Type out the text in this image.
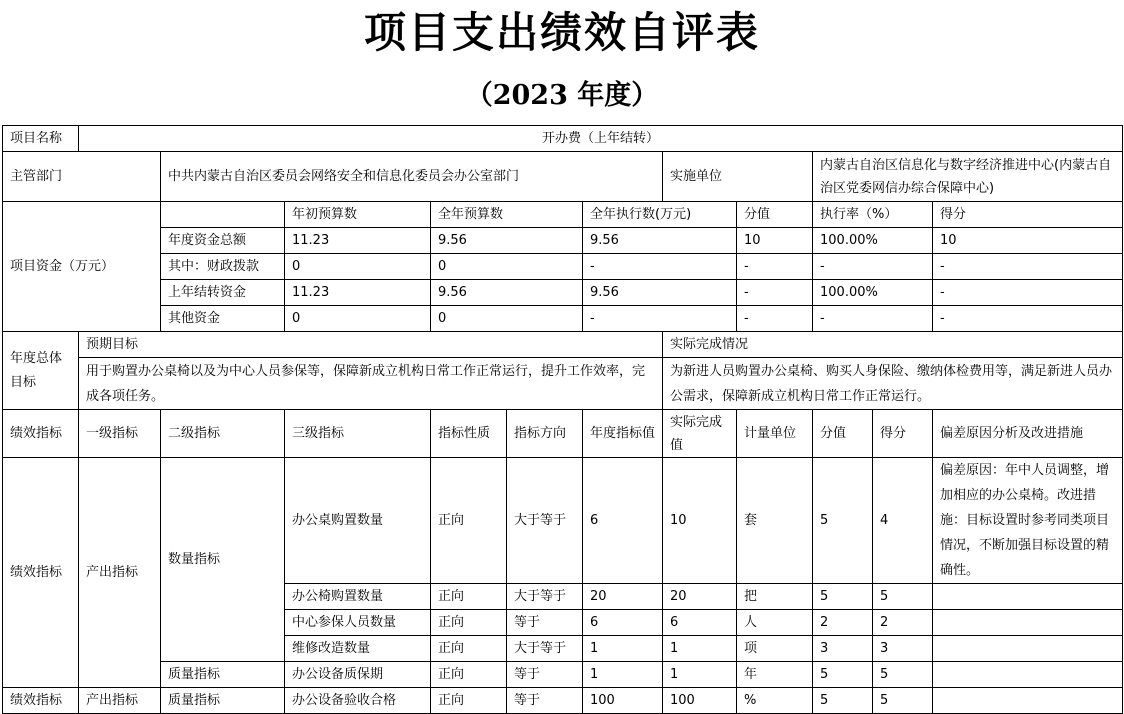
项目支出绩效自评表
（2023 年度）
项目名称	开办费（上年结转）										
主管部门		中共内蒙古自治区委员会网络安全和信息化委员会办公室部门					实施单位		内蒙古自治区信息化与数字经济推进中心(内蒙古自治区党委网信办综合保障中心)		
项目资金（万元）			年初预算数	全年预算数		全年执行数(万元)		分值	执行率（%）		得分
		年度资金总额	11.23	9.56		9.56		10	100.00%		10
		其中：财政拨款	0	0		-		-	-		-
		上年结转资金	11.23	9.56		9.56		-	100.00%		-
		其他资金	0	0		-		-	-		-
年度总体目标	预期目标						实际完成情况				
	用于购置办公桌椅以及为中心人员参保等，保障新成立机构日常工作正常运行，提升工作效率，完成各项任务。						为新进人员购置办公桌椅、购买人身保险、缴纳体检费用等，满足新进人员办公需求，保障新成立机构日常工作正常运行。				
绩效指标	一级指标	二级指标	三级指标	指标性质	指标方向	年度指标值	实际完成值	计量单位	分值	得分	偏差原因分析及改进措施
绩效指标	产出指标	数量指标	办公桌购置数量	正向	大于等于	6	10	套	5	4	偏差原因：年中人员调整，增加相应的办公桌椅。改进措施：目标设置时参考同类项目情况，不断加强目标设置的精确性。
			办公椅购置数量	正向	大于等于	20	20	把	5	5	
			中心参保人员数量	正向	等于	6	6	人	2	2	
			维修改造数量	正向	大于等于	1	1	项	3	3	
		质量指标	办公设备质保期	正向	等于	1	1	年	5	5	
绩效指标	产出指标	质量指标	办公设备验收合格	正向	等于	100	100	%	5	5	
